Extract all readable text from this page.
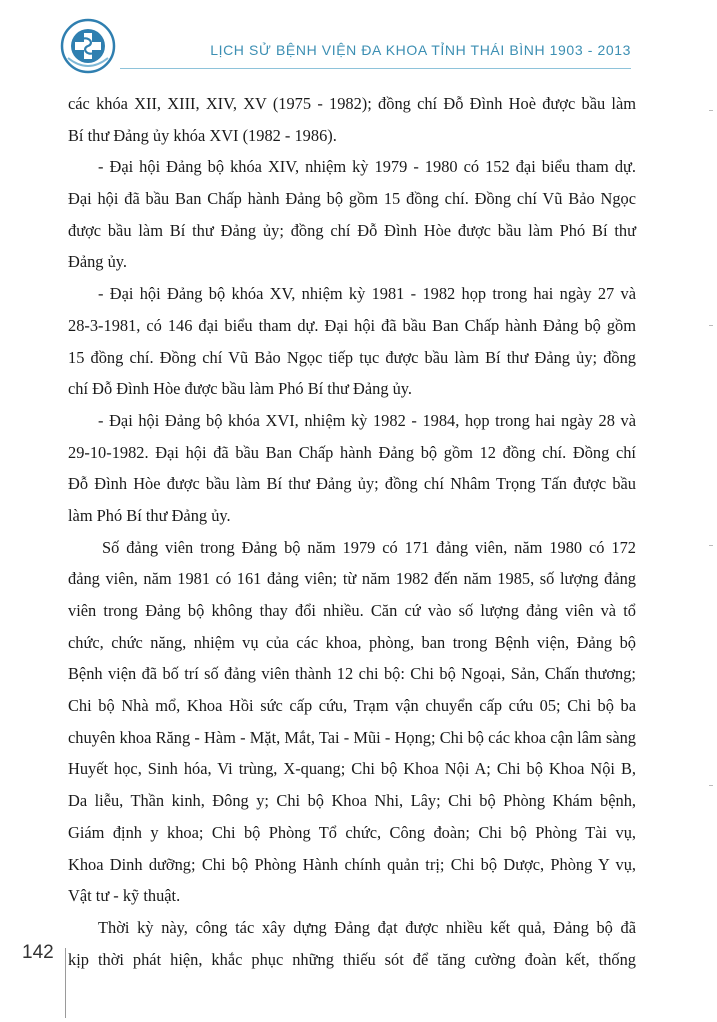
LỊCH SỬ BỆNH VIỆN ĐA KHOA TỈNH THÁI BÌNH 1903 - 2013
các khóa XII, XIII, XIV, XV (1975 - 1982); đồng chí Đỗ Đình Hoè được bầu làm
Bí thư Đảng ủy khóa XVI (1982 - 1986).
- Đại hội Đảng bộ khóa XIV, nhiệm kỳ 1979 - 1980 có 152 đại biểu tham dự.
Đại hội đã bầu Ban Chấp hành Đảng bộ gồm 15 đồng chí. Đồng chí Vũ Bảo Ngọc
được bầu làm Bí thư Đảng ủy; đồng chí Đỗ Đình Hòe được bầu làm Phó Bí thư
Đảng ủy.
- Đại hội Đảng bộ khóa XV, nhiệm kỳ 1981 - 1982 họp trong hai ngày 27 và
28-3-1981, có 146 đại biểu tham dự. Đại hội đã bầu Ban Chấp hành Đảng bộ gồm
15 đồng chí. Đồng chí Vũ Bảo Ngọc tiếp tục được bầu làm Bí thư Đảng ủy; đồng
chí Đỗ Đình Hòe được bầu làm Phó Bí thư Đảng ủy.
- Đại hội Đảng bộ khóa XVI, nhiệm kỳ 1982 - 1984, họp trong hai ngày 28 và
29-10-1982. Đại hội đã bầu Ban Chấp hành Đảng bộ gồm 12 đồng chí. Đồng chí
Đỗ Đình Hòe được bầu làm Bí thư Đảng ủy; đồng chí Nhâm Trọng Tấn được bầu
làm Phó Bí thư Đảng ủy.
Số đảng viên trong Đảng bộ năm 1979 có 171 đảng viên, năm 1980 có 172
đảng viên, năm 1981 có 161 đảng viên; từ năm 1982 đến năm 1985, số lượng đảng
viên trong Đảng bộ không thay đổi nhiều. Căn cứ vào số lượng đảng viên và tổ
chức, chức năng, nhiệm vụ của các khoa, phòng, ban trong Bệnh viện, Đảng bộ
Bệnh viện đã bố trí số đảng viên thành 12 chi bộ: Chi bộ Ngoại, Sản, Chấn thương;
Chi bộ Nhà mổ, Khoa Hồi sức cấp cứu, Trạm vận chuyển cấp cứu 05; Chi bộ ba
chuyên khoa Răng - Hàm - Mặt, Mắt, Tai - Mũi - Họng; Chi bộ các khoa cận lâm sàng
Huyết học, Sinh hóa, Vi trùng, X-quang; Chi bộ Khoa Nội A; Chi bộ Khoa Nội B,
Da liễu, Thần kinh, Đông y; Chi bộ Khoa Nhi, Lây; Chi bộ Phòng Khám bệnh,
Giám định y khoa; Chi bộ Phòng Tổ chức, Công đoàn; Chi bộ Phòng Tài vụ,
Khoa Dinh dưỡng; Chi bộ Phòng Hành chính quản trị; Chi bộ Dược, Phòng Y vụ,
Vật tư - kỹ thuật.
Thời kỳ này, công tác xây dựng Đảng đạt được nhiều kết quả, Đảng bộ đã
kịp thời phát hiện, khắc phục những thiếu sót để tăng cường đoàn kết, thống
142
